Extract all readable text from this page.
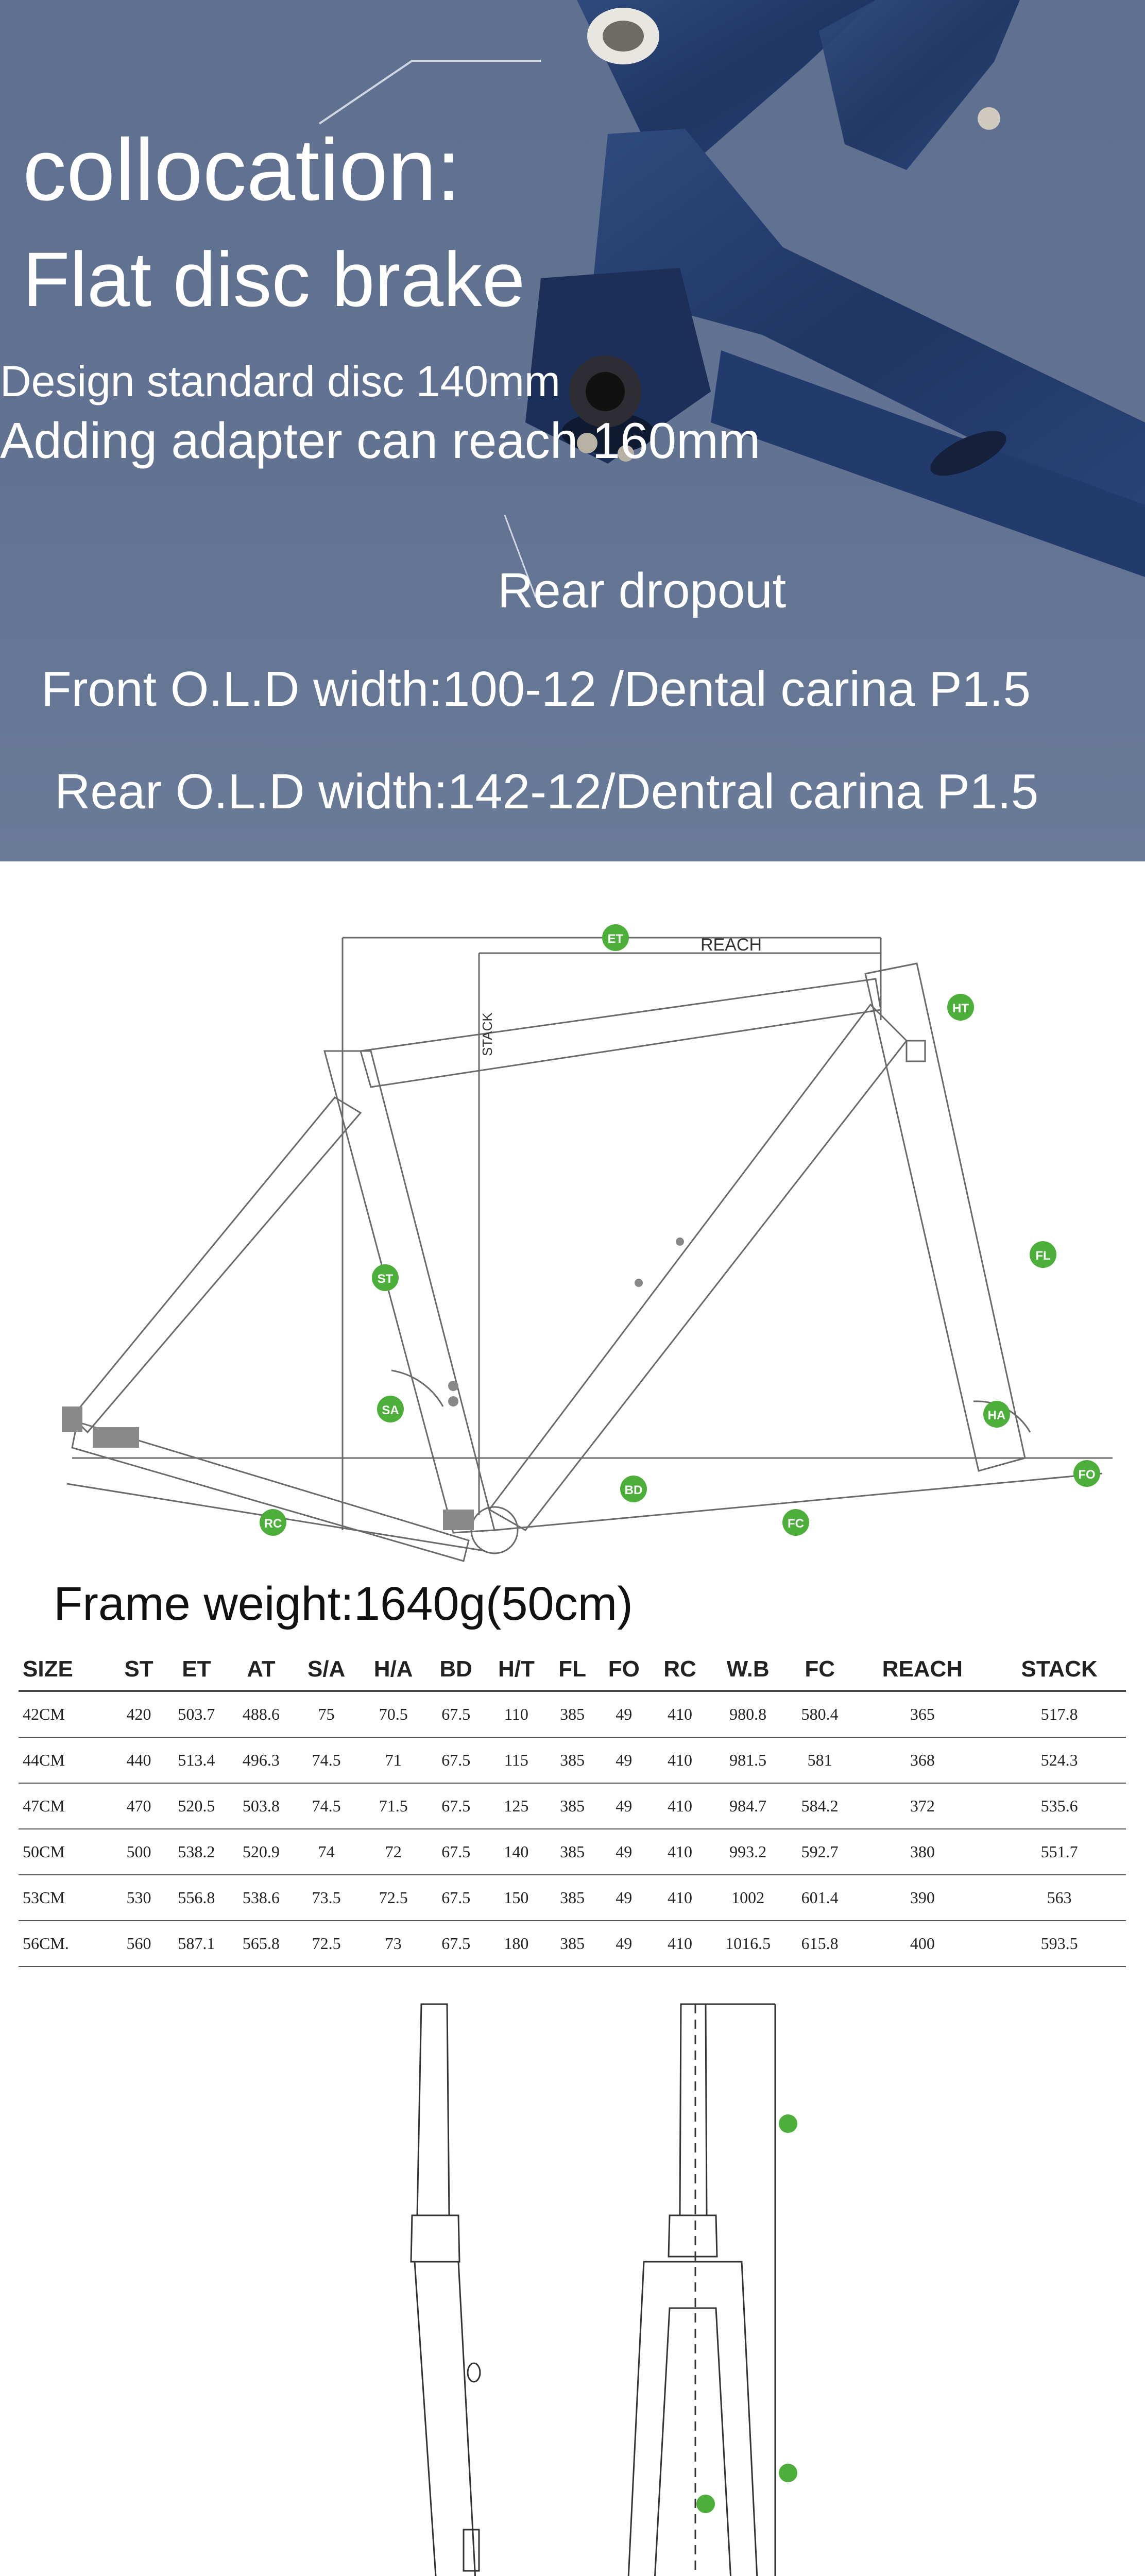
collocation:
Flat disc brake
Design standard disc 140mm
Adding adapter can reach 160mm
Rear dropout
Front O.L.D width:100-12 /Dental carina P1.5
Rear O.L.D width:142-12/Dentral carina P1.5
REACH
STACK
ET
HT
FL
ST
SA	HA
BD
RC	FC
FO
Frame weight:1640g(50cm)
SIZE	ST	ET	AT	S/A	H/A	BD	H/T	FL	FO	RC	W.B	FC	REACH	STACK
42CM	420	503.7	488.6	75	70.5	67.5	110	385	49	410	980.8	580.4	365	517.8
44CM	440	513.4	496.3	74.5	71	67.5	115	385	49	410	981.5	581	368	524.3
47CM	470	520.5	503.8	74.5	71.5	67.5	125	385	49	410	984.7	584.2	372	535.6
50CM	500	538.2	520.9	74	72	67.5	140	385	49	410	993.2	592.7	380	551.7
53CM	530	556.8	538.6	73.5	72.5	67.5	150	385	49	410	1002	601.4	390	563
56CM.	560	587.1	565.8	72.5	73	67.5	180	385	49	410	1016.5	615.8	400	593.5
